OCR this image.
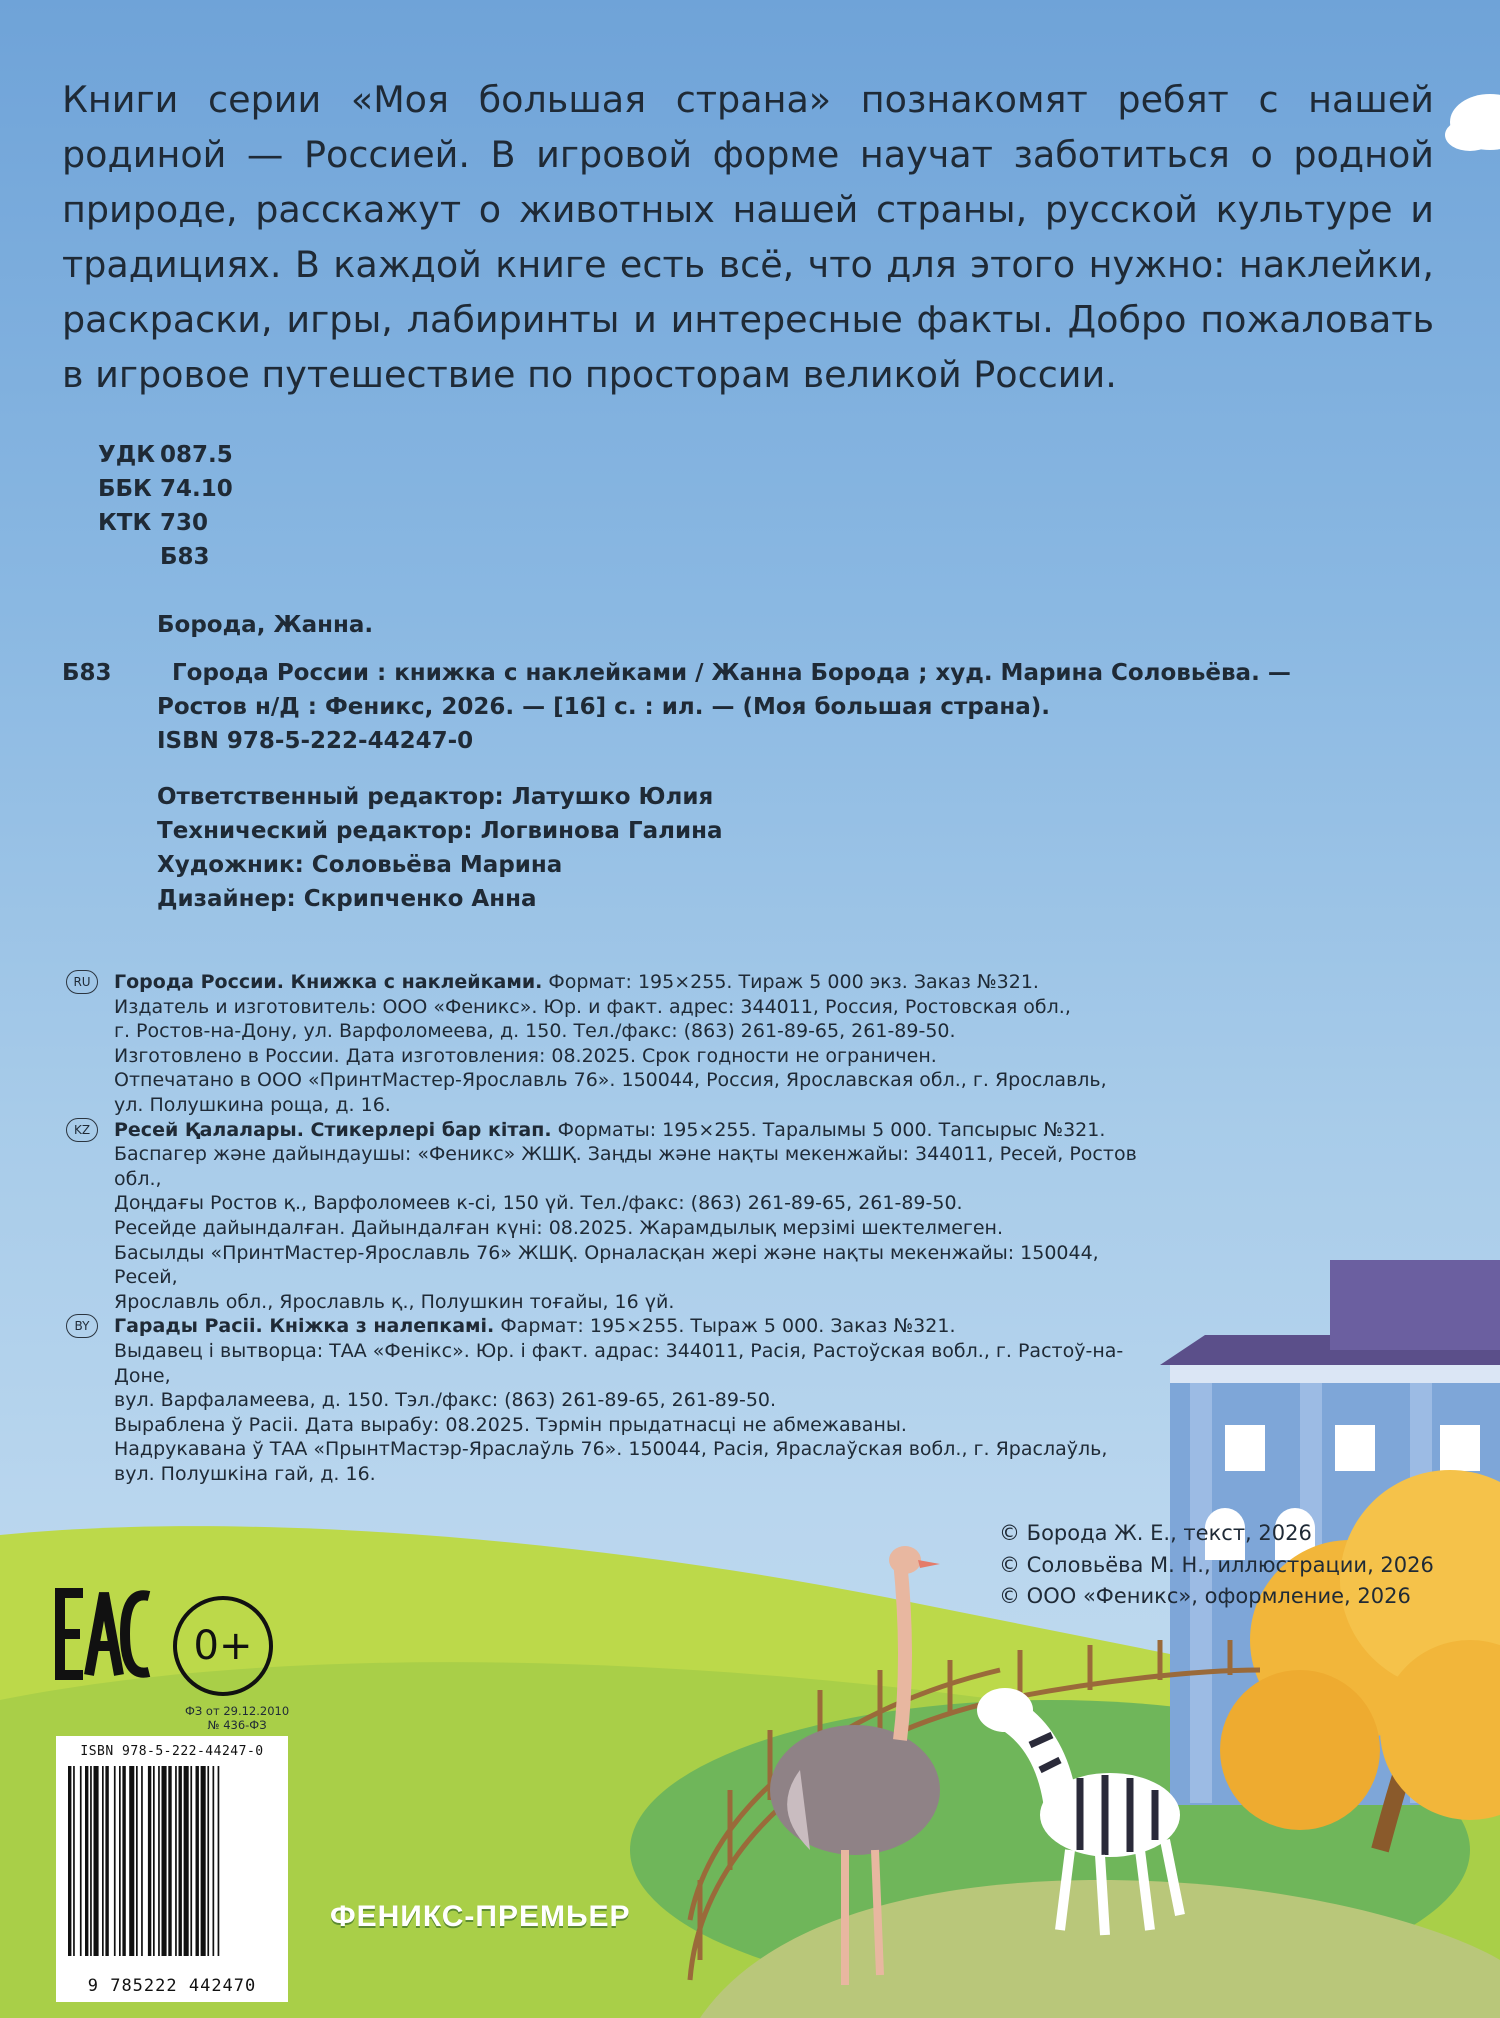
Книги серии «Моя большая страна» познакомят ребят с нашей родиной — Россией. В игровой форме научат заботиться о родной природе, расскажут о животных нашей страны, русской культуре и традициях. В каждой книге есть всё, что для этого нужно: наклейки, раскраски, игры, лабиринты и интересные факты. Добро пожаловать в игровое путешествие по просторам великой России.

УДК 087.5
ББК 74.10
КТК 730
Б83
Борода, Жанна.
Б83	Города России : книжка с наклейками / Жанна Борода ; худ. Марина Соловьёва. —
Ростов н/Д : Феникс, 2026. — [16] с. : ил. — (Моя большая страна).
ISBN 978-5-222-44247-0
Ответственный редактор: Латушко Юлия
Технический редактор: Логвинова Галина
Художник: Соловьёва Марина
Дизайнер: Скрипченко Анна
RU	Города России. Книжка с наклейками. Формат: 195×255. Тираж 5 000 экз. Заказ №321.
Издатель и изготовитель: ООО «Феникс». Юр. и факт. адрес: 344011, Россия, Ростовская обл.,
г. Ростов-на-Дону, ул. Варфоломеева, д. 150. Тел./факс: (863) 261-89-65, 261-89-50.
Изготовлено в России. Дата изготовления: 08.2025. Срок годности не ограничен.
Отпечатано в ООО «ПринтМастер-Ярославль 76». 150044, Россия, Ярославская обл., г. Ярославль,
ул. Полушкина роща, д. 16.
KZ	Ресей Қалалары. Стикерлері бар кітап. Форматы: 195×255. Таралымы 5 000. Тапсырыс №321.
Баспагер және дайындаушы: «Феникс» ЖШҚ. Заңды және нақты мекенжайы: 344011, Ресей, Ростов обл.,
Доңдағы Ростов қ., Варфоломеев к-сі, 150 үй. Тел./факс: (863) 261-89-65, 261-89-50.
Ресейде дайындалған. Дайындалған күні: 08.2025. Жарамдылық мерзімі шектелмеген.
Басылды «ПринтМастер-Ярославль 76» ЖШҚ. Орналасқан жері және нақты мекенжайы: 150044, Ресей,
Ярославль обл., Ярославль қ., Полушкин тоғайы, 16 үй.
BY	Гарады Расіі. Кніжка з налепкамі. Фармат: 195×255. Тыраж 5 000. Заказ №321.
Выдавец і вытворца: ТАА «Фенікс». Юр. і факт. адрас: 344011, Расія, Растоўская вобл., г. Растоў-на-Доне,
вул. Варфаламеева, д. 150. Тэл./факс: (863) 261-89-65, 261-89-50.
Выраблена ў Расіі. Дата вырабу: 08.2025. Тэрмін прыдатнасці не абмежаваны.
Надрукавана ў ТАА «ПрынтМастэр-Яраслаўль 76». 150044, Расія, Яраслаўская вобл., г. Яраслаўль,
вул. Полушкіна гай, д. 16.
© Борода Ж. Е., текст, 2026
© Соловьёва М. Н., иллюстрации, 2026
© ООО «Феникс», оформление, 2026
0+
ФЗ от 29.12.2010
№ 436-ФЗ
ISBN 978-5-222-44247-0
9 785222 442470
ФЕНИКС-ПРЕМЬЕР
